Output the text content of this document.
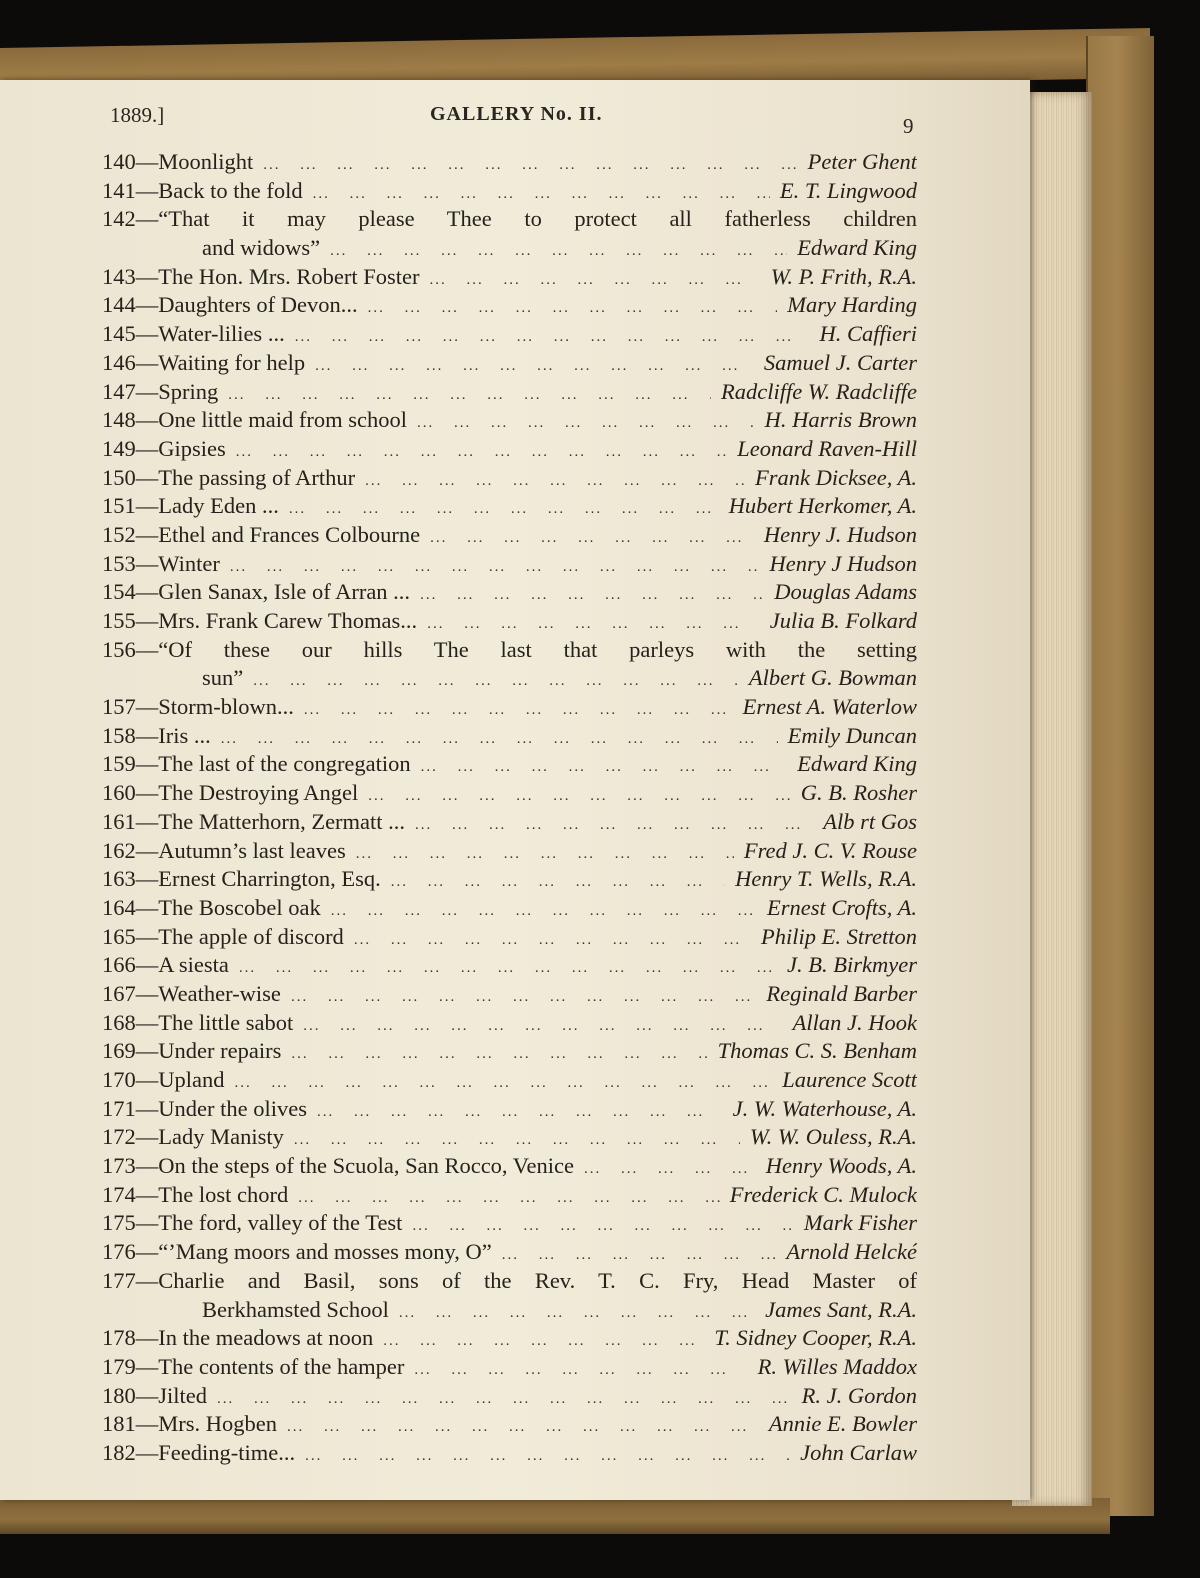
1889.]	GALLERY No. II.	9
140— Moonlight ... .	Peter Ghent
141— Back to the fold ... .	E. T. Lingwood
142— “That it may please Thee to protect all fatherless children
and widows” ... .	Edward King
143— The Hon. Mrs. Robert Foster ... .	W. P. Frith, R.A.
144— Daughters of Devon... ... .	Mary Harding
145— Water-lilies ... ... .	H. Caffieri
146— Waiting for help ... .	Samuel J. Carter
147— Spring ... .	Radcliffe W. Radcliffe
148— One little maid from school ... .	H. Harris Brown
149— Gipsies ... .	Leonard Raven-Hill
150— The passing of Arthur ... .	Frank Dicksee, A.
151— Lady Eden ... ... .	Hubert Herkomer, A.
152— Ethel and Frances Colbourne ... .	Henry J. Hudson
153— Winter ... .	Henry J Hudson
154— Glen Sanax, Isle of Arran ... ... .	Douglas Adams
155— Mrs. Frank Carew Thomas... ... .	Julia B. Folkard
156— “Of these our hills The last that parleys with the setting
sun” ... .	Albert G. Bowman
157— Storm-blown... ... .	Ernest A. Waterlow
158— Iris ... ... .	Emily Duncan
159— The last of the congregation ... .	Edward King
160— The Destroying Angel ... .	G. B. Rosher
161— The Matterhorn, Zermatt ... ... .	Alb rt Gos
162— Autumn’s last leaves ... .	Fred J. C. V. Rouse
163— Ernest Charrington, Esq. ... .	Henry T. Wells, R.A.
164— The Boscobel oak ... .	Ernest Crofts, A.
165— The apple of discord ... .	Philip E. Stretton
166— A siesta ... .	J. B. Birkmyer
167— Weather-wise ... .	Reginald Barber
168— The little sabot ... .	Allan J. Hook
169— Under repairs ... .	Thomas C. S. Benham
170— Upland ... .	Laurence Scott
171— Under the olives ... .	J. W. Waterhouse, A.
172— Lady Manisty ... .	W. W. Ouless, R.A.
173— On the steps of the Scuola, San Rocco, Venice ... .	Henry Woods, A.
174— The lost chord ... .	Frederick C. Mulock
175— The ford, valley of the Test ... .	Mark Fisher
176— “’Mang moors and mosses mony, O” ... .	Arnold Helcké
177— Charlie and Basil, sons of the Rev. T. C. Fry, Head Master of
Berkhamsted School ... .	James Sant, R.A.
178— In the meadows at noon ... .	T. Sidney Cooper, R.A.
179— The contents of the hamper ... .	R. Willes Maddox
180— Jilted ... .	R. J. Gordon
181— Mrs. Hogben ... .	Annie E. Bowler
182— Feeding-time... ... .	John Carlaw
